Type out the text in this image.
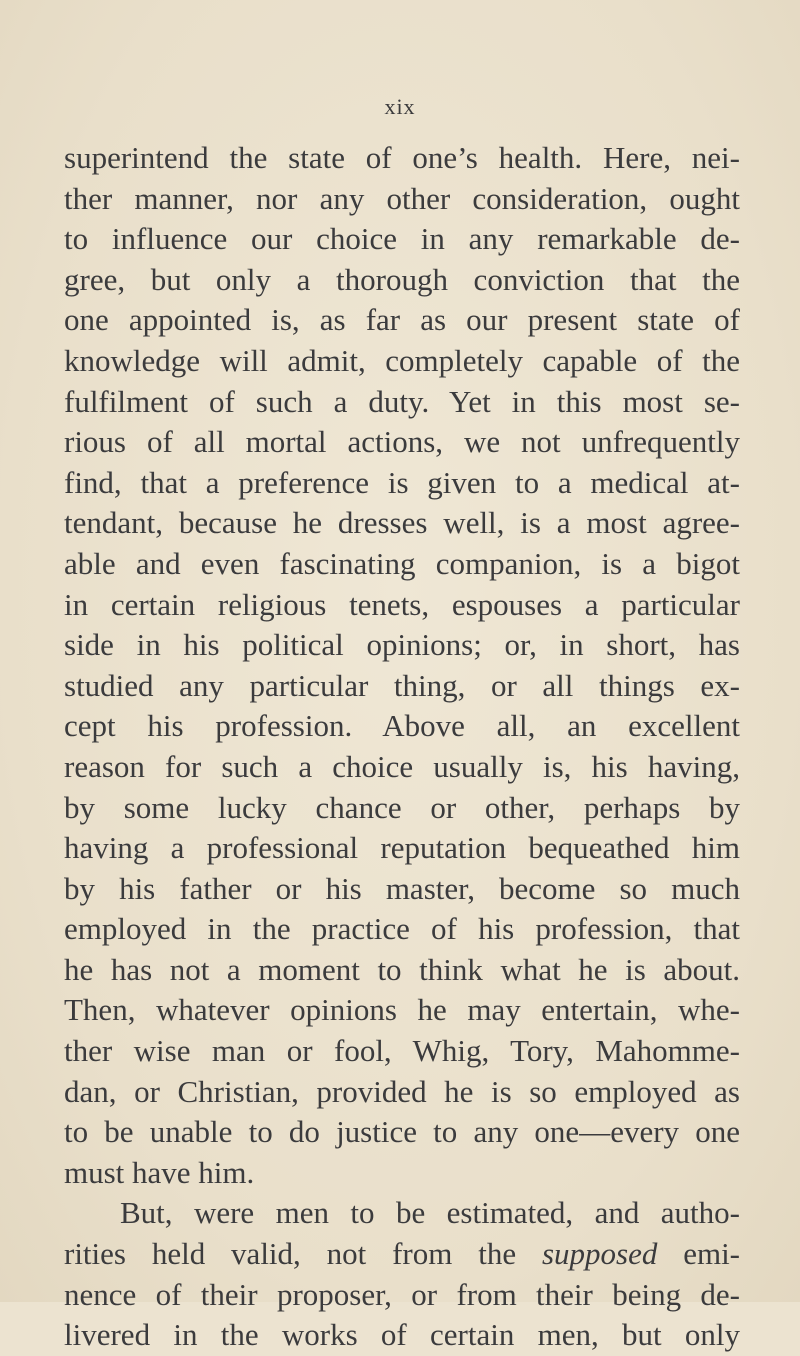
xix
superintend the state of one’s health. Here, nei-
ther manner, nor any other consideration, ought
to influence our choice in any remarkable de-
gree, but only a thorough conviction that the
one appointed is, as far as our present state of
knowledge will admit, completely capable of the
fulfilment of such a duty. Yet in this most se-
rious of all mortal actions, we not unfrequently
find, that a preference is given to a medical at-
tendant, because he dresses well, is a most agree-
able and even fascinating companion, is a bigot
in certain religious tenets, espouses a particular
side in his political opinions; or, in short, has
studied any particular thing, or all things ex-
cept his profession. Above all, an excellent
reason for such a choice usually is, his having,
by some lucky chance or other, perhaps by
having a professional reputation bequeathed him
by his father or his master, become so much
employed in the practice of his profession, that
he has not a moment to think what he is about.
Then, whatever opinions he may entertain, whe-
ther wise man or fool, Whig, Tory, Mahomme-
dan, or Christian, provided he is so employed as
to be unable to do justice to any one—every one
must have him.
But, were men to be estimated, and autho-
rities held valid, not from the supposed emi-
nence of their proposer, or from their being de-
livered in the works of certain men, but only
